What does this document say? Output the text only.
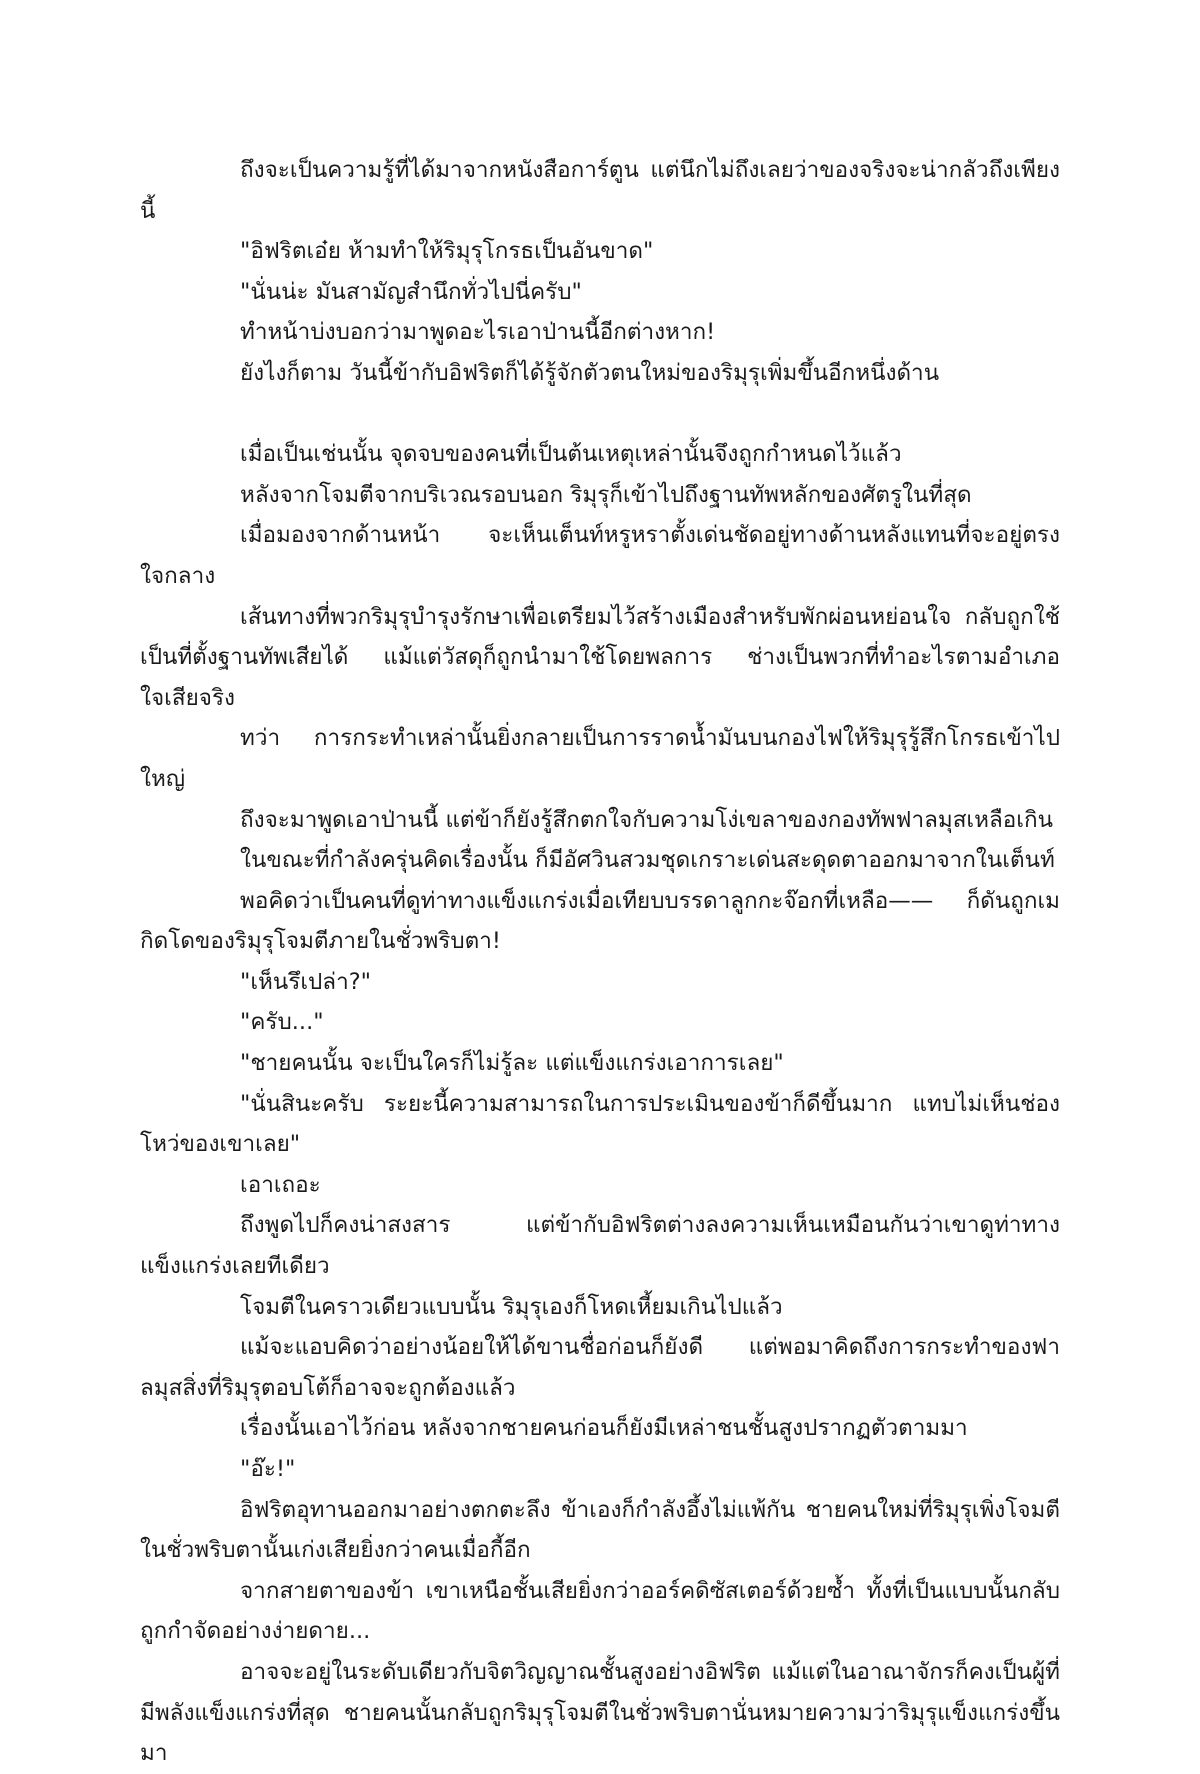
ถึงจะเป็นความรู้ที่ได้มาจากหนังสือการ์ตูน แต่นึกไม่ถึงเลยว่าของจริงจะน่ากลัวถึงเพียงนี้

"อิฟริตเอ๋ย ห้ามทำให้ริมุรุโกรธเป็นอันขาด"

"นั่นน่ะ มันสามัญสำนึกทั่วไปนี่ครับ"

ทำหน้าบ่งบอกว่ามาพูดอะไรเอาป่านนี้อีกต่างหาก!

ยังไงก็ตาม วันนี้ข้ากับอิฟริตก็ได้รู้จักตัวตนใหม่ของริมุรุเพิ่มขึ้นอีกหนึ่งด้าน

เมื่อเป็นเช่นนั้น จุดจบของคนที่เป็นต้นเหตุเหล่านั้นจึงถูกกำหนดไว้แล้ว

หลังจากโจมตีจากบริเวณรอบนอก ริมุรุก็เข้าไปถึงฐานทัพหลักของศัตรูในที่สุด

เมื่อมองจากด้านหน้า จะเห็นเต็นท์หรูหราตั้งเด่นชัดอยู่ทางด้านหลังแทนที่จะอยู่ตรงใจกลาง

เส้นทางที่พวกริมุรุบำรุงรักษาเพื่อเตรียมไว้สร้างเมืองสำหรับพักผ่อนหย่อนใจ กลับถูกใช้เป็นที่ตั้งฐานทัพเสียได้ แม้แต่วัสดุก็ถูกนำมาใช้โดยพลการ ช่างเป็นพวกที่ทำอะไรตามอำเภอใจเสียจริง

ทว่า การกระทำเหล่านั้นยิ่งกลายเป็นการราดน้ำมันบนกองไฟให้ริมุรุรู้สึกโกรธเข้าไปใหญ่

ถึงจะมาพูดเอาป่านนี้ แต่ข้าก็ยังรู้สึกตกใจกับความโง่เขลาของกองทัพฟาลมุสเหลือเกิน

ในขณะที่กำลังครุ่นคิดเรื่องนั้น ก็มีอัศวินสวมชุดเกราะเด่นสะดุดตาออกมาจากในเต็นท์

พอคิดว่าเป็นคนที่ดูท่าทางแข็งแกร่งเมื่อเทียบบรรดาลูกกะจ๊อกที่เหลือ—— ก็ดันถูกเมกิดโดของริมุรุโจมตีภายในชั่วพริบตา!

"เห็นรึเปล่า?"

"ครับ..."

"ชายคนนั้น จะเป็นใครก็ไม่รู้ละ แต่แข็งแกร่งเอาการเลย"

"นั่นสินะครับ ระยะนี้ความสามารถในการประเมินของข้าก็ดีขึ้นมาก แทบไม่เห็นช่องโหว่ของเขาเลย"

เอาเถอะ

ถึงพูดไปก็คงน่าสงสาร แต่ข้ากับอิฟริตต่างลงความเห็นเหมือนกันว่าเขาดูท่าทางแข็งแกร่งเลยทีเดียว

โจมตีในคราวเดียวแบบนั้น ริมุรุเองก็โหดเหี้ยมเกินไปแล้ว

แม้จะแอบคิดว่าอย่างน้อยให้ได้ขานชื่อก่อนก็ยังดี แต่พอมาคิดถึงการกระทำของฟาลมุสสิ่งที่ริมุรุตอบโต้ก็อาจจะถูกต้องแล้ว

เรื่องนั้นเอาไว้ก่อน หลังจากชายคนก่อนก็ยังมีเหล่าชนชั้นสูงปรากฏตัวตามมา

"อ๊ะ!"

อิฟริตอุทานออกมาอย่างตกตะลึง ข้าเองก็กำลังอึ้งไม่แพ้กัน ชายคนใหม่ที่ริมุรุเพิ่งโจมตีในชั่วพริบตานั้นเก่งเสียยิ่งกว่าคนเมื่อกี้อีก

จากสายตาของข้า เขาเหนือชั้นเสียยิ่งกว่าออร์คดิซัสเตอร์ด้วยซ้ำ ทั้งที่เป็นแบบนั้นกลับถูกกำจัดอย่างง่ายดาย...

อาจจะอยู่ในระดับเดียวกับจิตวิญญาณชั้นสูงอย่างอิฟริต แม้แต่ในอาณาจักรก็คงเป็นผู้ที่มีพลังแข็งแกร่งที่สุด ชายคนนั้นกลับถูกริมุรุโจมตีในชั่วพริบตานั่นหมายความว่าริมุรุแข็งแกร่งขึ้นมา
